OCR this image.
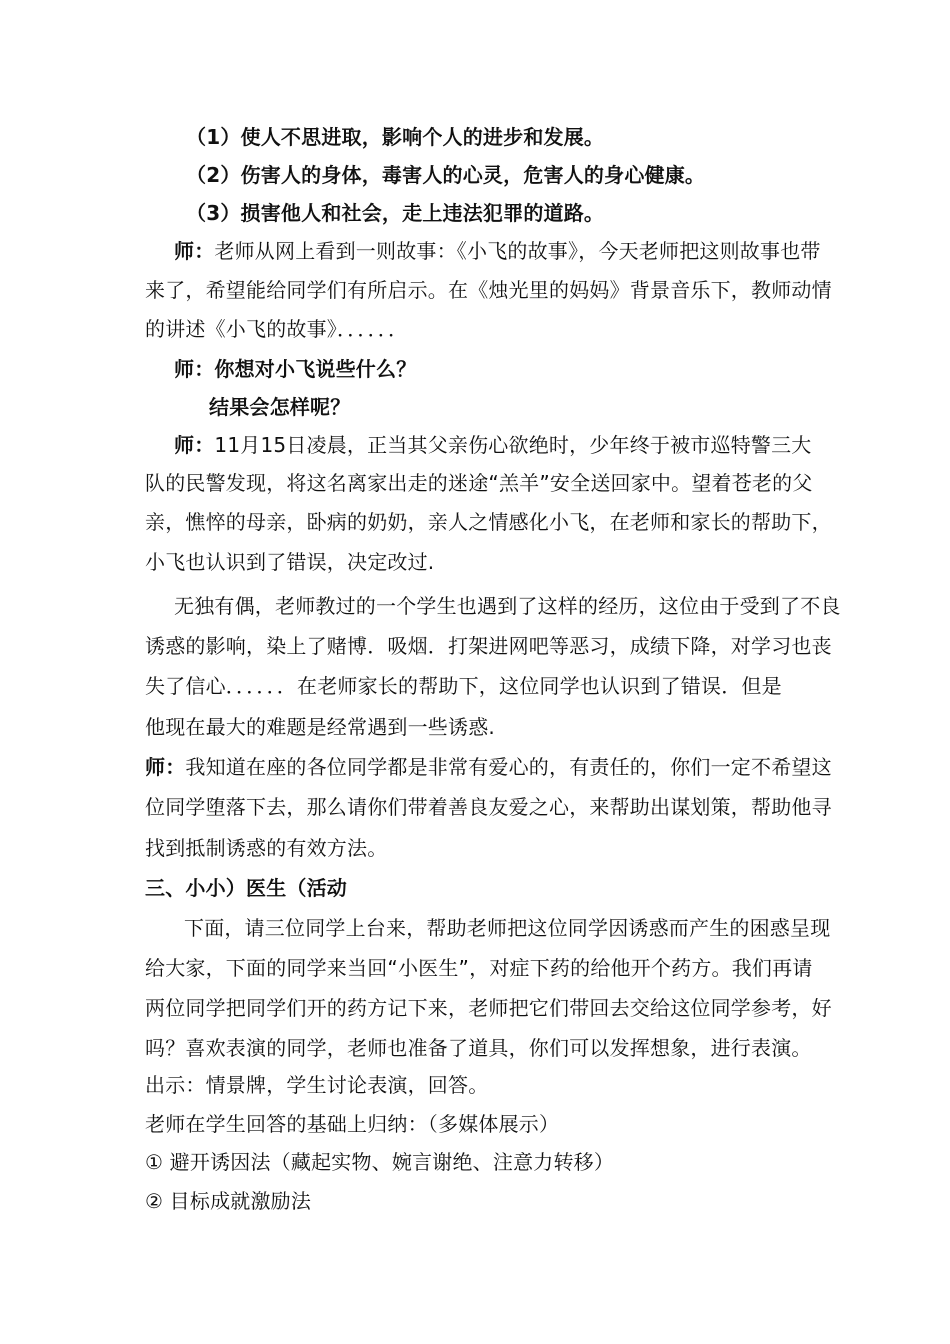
（1）使人不思进取，影响个人的进步和发展。
（2）伤害人的身体，毒害人的心灵，危害人的身心健康。
（3）损害他人和社会，走上违法犯罪的道路。
师：老师从网上看到一则故事：《小飞的故事》，今天老师把这则故事也带
来了，希望能给同学们有所启示。在《烛光里的妈妈》背景音乐下，教师动情
的讲述《小飞的故事》．．．．．．
师：你想对小飞说些什么？
结果会怎样呢？
师：11月15日凌晨，正当其父亲伤心欲绝时，少年终于被市巡特警三大
队的民警发现，将这名离家出走的迷途“羔羊”安全送回家中。望着苍老的父
亲，憔悴的母亲，卧病的奶奶，亲人之情感化小飞，在老师和家长的帮助下，
小飞也认识到了错误，决定改过.
无独有偶，老师教过的一个学生也遇到了这样的经历，这位由于受到了不良
诱惑的影响，染上了赌博．吸烟．打架进网吧等恶习，成绩下降，对学习也丧
失了信心．．．．．．在老师家长的帮助下，这位同学也认识到了错误．但是
他现在最大的难题是经常遇到一些诱惑.
师：我知道在座的各位同学都是非常有爱心的，有责任的，你们一定不希望这
位同学堕落下去，那么请你们带着善良友爱之心，来帮助出谋划策，帮助他寻
找到抵制诱惑的有效方法。
三、小小）医生（活动
下面，请三位同学上台来，帮助老师把这位同学因诱惑而产生的困惑呈现
给大家，下面的同学来当回“小医生”，对症下药的给他开个药方。我们再请
两位同学把同学们开的药方记下来，老师把它们带回去交给这位同学参考，好
吗？喜欢表演的同学，老师也准备了道具，你们可以发挥想象，进行表演。
出示：情景牌，学生讨论表演，回答。
老师在学生回答的基础上归纳：（多媒体展示）
① 避开诱因法（藏起实物、婉言谢绝、注意力转移）
② 目标成就激励法
